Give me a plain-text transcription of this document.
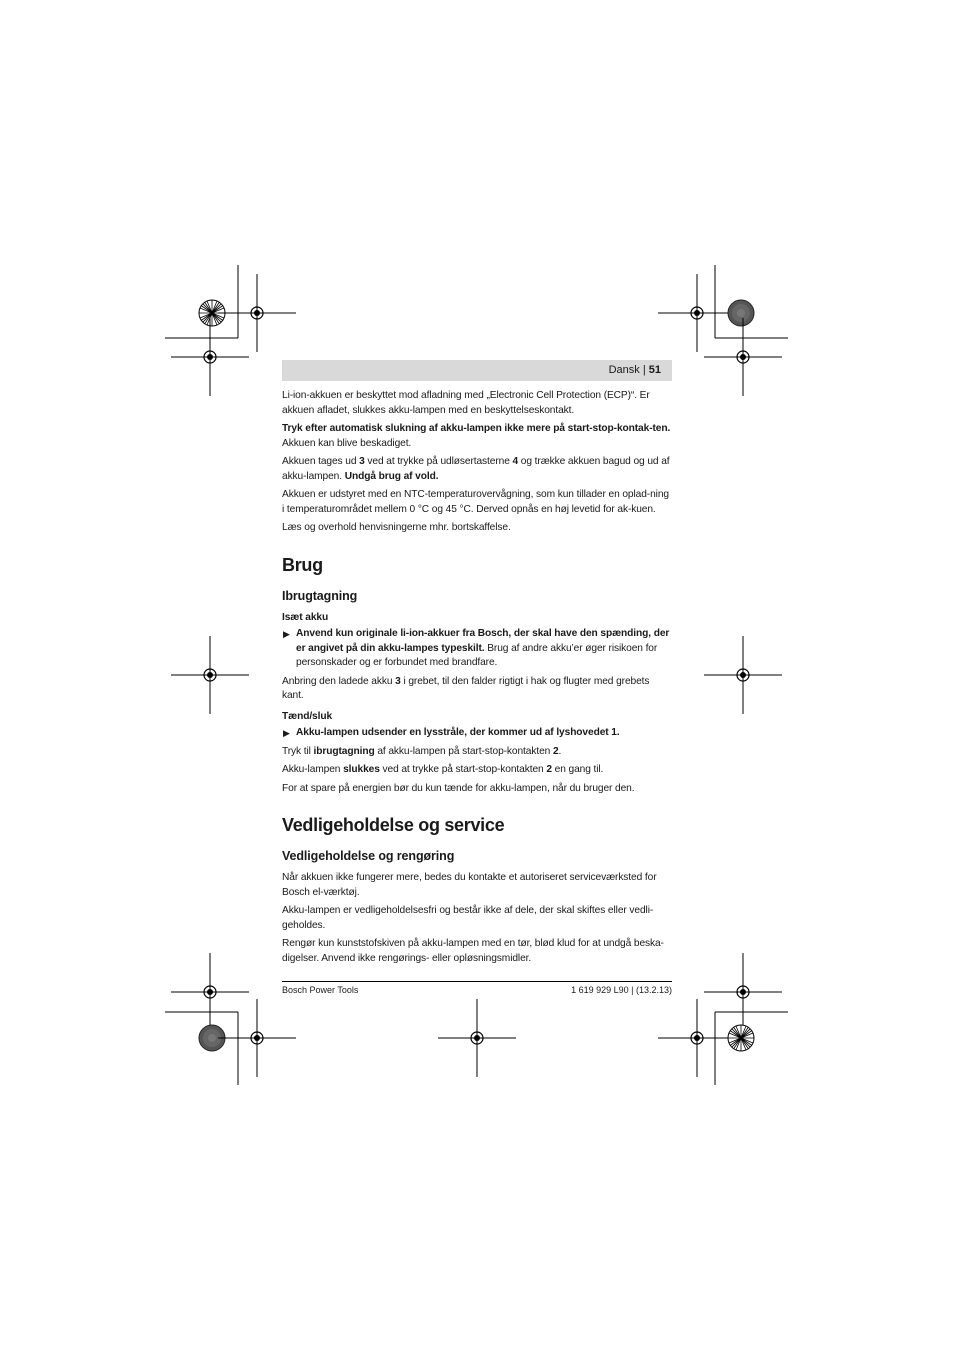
Dansk | 51

Li-ion-akkuen er beskyttet mod afladning med „Electronic Cell Protection (ECP)“. Er akkuen afladet, slukkes akku-lampen med en beskyttelseskontakt.

Tryk efter automatisk slukning af akku-lampen ikke mere på start-stop-kontak-ten. Akkuen kan blive beskadiget.

Akkuen tages ud 3 ved at trykke på udløsertasterne 4 og trække akkuen bagud og ud af akku-lampen. Undgå brug af vold.

Akkuen er udstyret med en NTC-temperaturovervågning, som kun tillader en oplad-ning i temperaturområdet mellem 0 °C og 45 °C. Derved opnås en høj levetid for ak-kuen.

Læs og overhold henvisningerne mhr. bortskaffelse.

Brug

Ibrugtagning

Isæt akku

▶ Anvend kun originale li-ion-akkuer fra Bosch, der skal have den spænding, der er angivet på din akku-lampes typeskilt. Brug af andre akku’er øger risikoen for personskader og er forbundet med brandfare.

Anbring den ladede akku 3 i grebet, til den falder rigtigt i hak og flugter med grebets kant.

Tænd/sluk

▶ Akku-lampen udsender en lysstråle, der kommer ud af lyshovedet 1.

Tryk til ibrugtagning af akku-lampen på start-stop-kontakten 2.

Akku-lampen slukkes ved at trykke på start-stop-kontakten 2 en gang til.

For at spare på energien bør du kun tænde for akku-lampen, når du bruger den.

Vedligeholdelse og service

Vedligeholdelse og rengøring

Når akkuen ikke fungerer mere, bedes du kontakte et autoriseret serviceværksted for Bosch el-værktøj.

Akku-lampen er vedligeholdelsesfri og består ikke af dele, der skal skiftes eller vedli-geholdes.

Rengør kun kunststofskiven på akku-lampen med en tør, blød klud for at undgå beska-digelser. Anvend ikke rengørings- eller opløsningsmidler.

Bosch Power Tools	1 619 929 L90 | (13.2.13)
